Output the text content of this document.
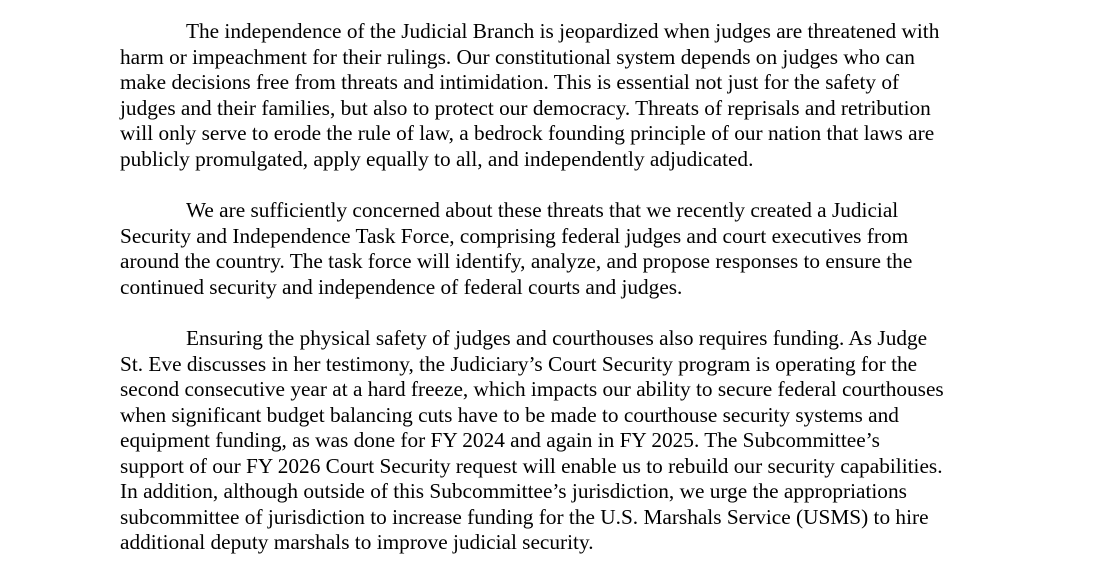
The independence of the Judicial Branch is jeopardized when judges are threatened with
harm or impeachment for their rulings. Our constitutional system depends on judges who can
make decisions free from threats and intimidation. This is essential not just for the safety of
judges and their families, but also to protect our democracy. Threats of reprisals and retribution
will only serve to erode the rule of law, a bedrock founding principle of our nation that laws are
publicly promulgated, apply equally to all, and independently adjudicated.

We are sufficiently concerned about these threats that we recently created a Judicial
Security and Independence Task Force, comprising federal judges and court executives from
around the country. The task force will identify, analyze, and propose responses to ensure the
continued security and independence of federal courts and judges.

Ensuring the physical safety of judges and courthouses also requires funding. As Judge
St. Eve discusses in her testimony, the Judiciary’s Court Security program is operating for the
second consecutive year at a hard freeze, which impacts our ability to secure federal courthouses
when significant budget balancing cuts have to be made to courthouse security systems and
equipment funding, as was done for FY 2024 and again in FY 2025. The Subcommittee’s
support of our FY 2026 Court Security request will enable us to rebuild our security capabilities.
In addition, although outside of this Subcommittee’s jurisdiction, we urge the appropriations
subcommittee of jurisdiction to increase funding for the U.S. Marshals Service (USMS) to hire
additional deputy marshals to improve judicial security.
